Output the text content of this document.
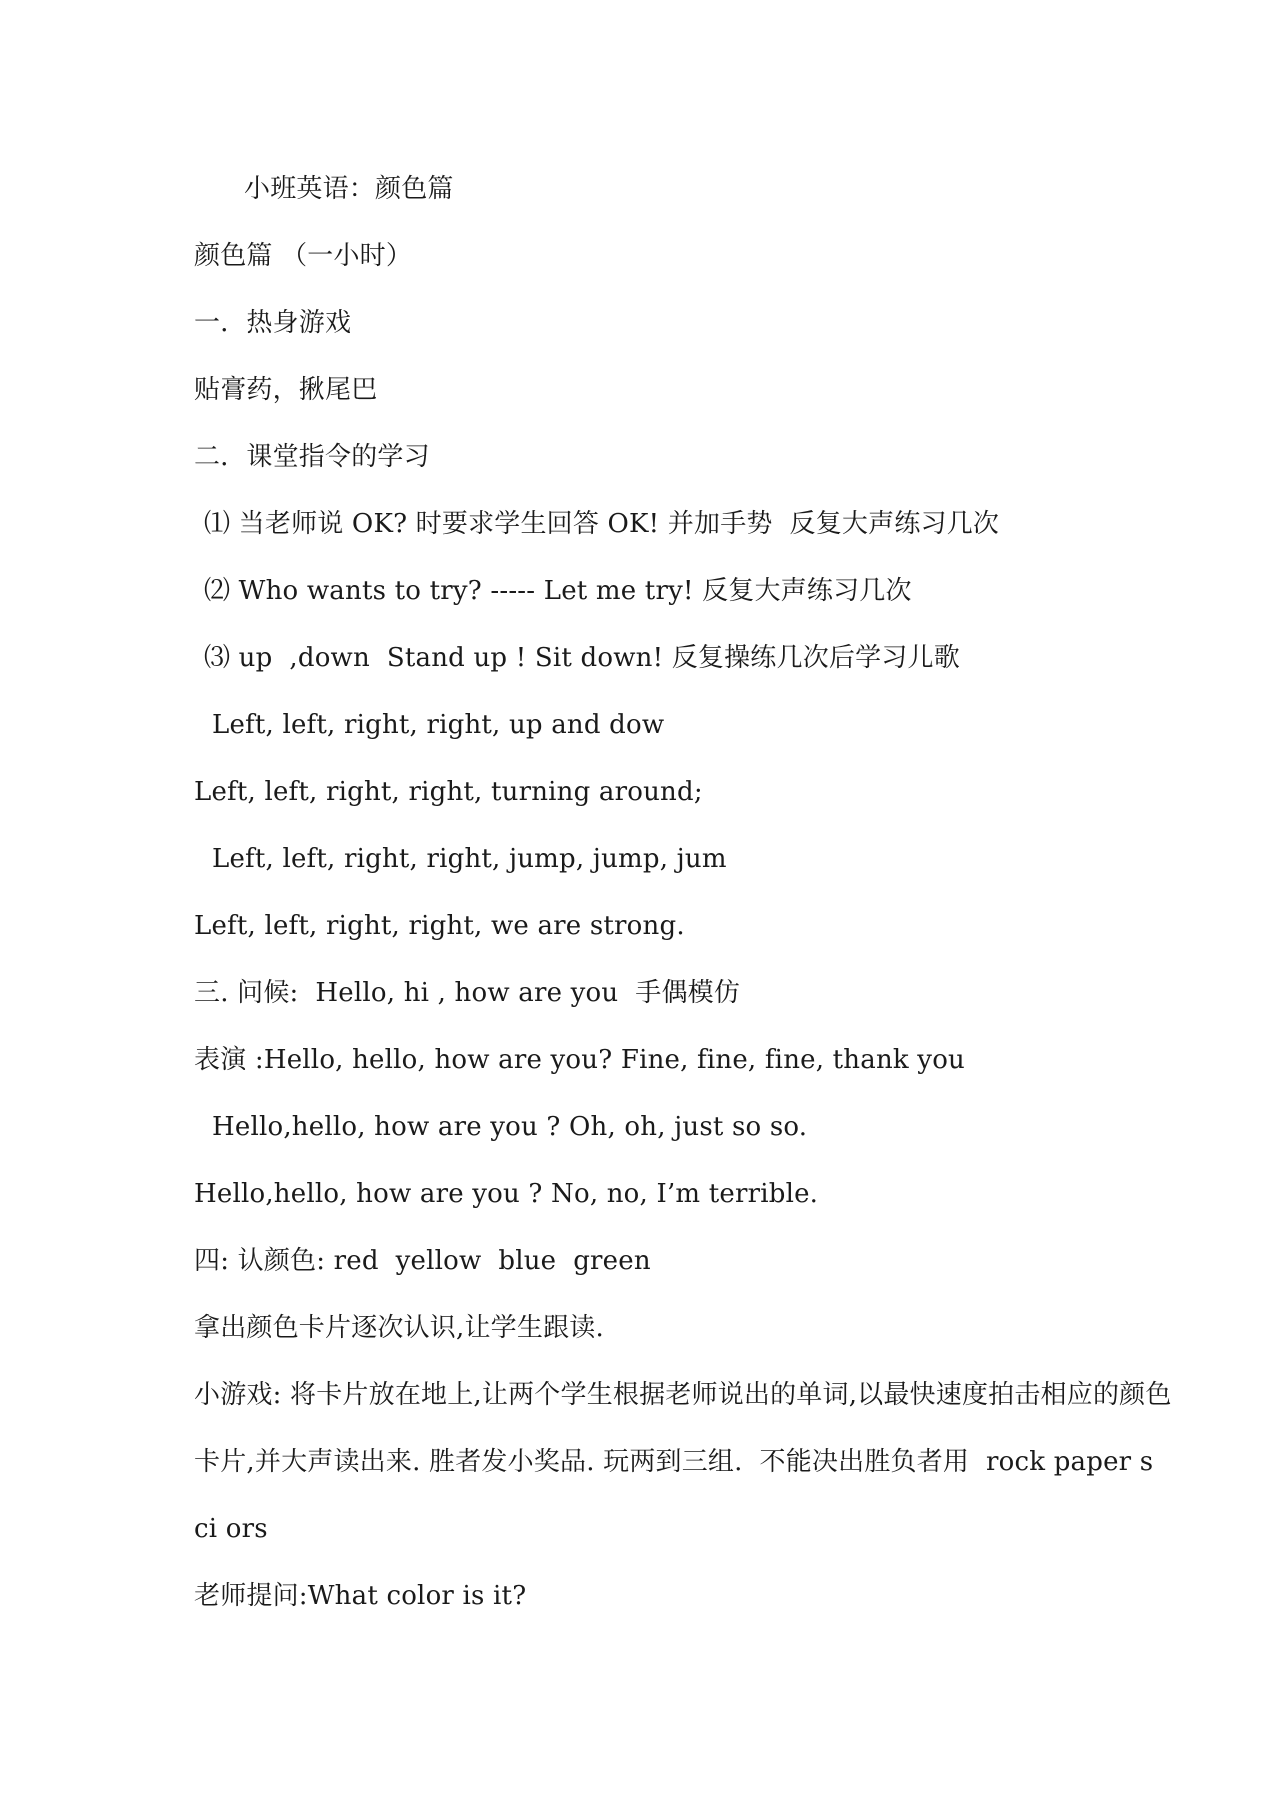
小班英语：颜色篇
颜色篇 （一小时）
一．热身游戏
贴膏药，揪尾巴
二．课堂指令的学习
⑴ 当老师说 OK? 时要求学生回答 OK! 并加手势  反复大声练习几次
⑵ Who wants to try? ----- Let me try! 反复大声练习几次
⑶ up  ,down  Stand up ! Sit down! 反复操练几次后学习儿歌
Left, left, right, right, up and dow
Left, left, right, right, turning around;
Left, left, right, right, jump, jump, jum
Left, left, right, right, we are strong.
三. 问候:  Hello, hi , how are you  手偶模仿
表演 :Hello, hello, how are you? Fine, fine, fine, thank you
Hello,hello, how are you ? Oh, oh, just so so.
Hello,hello, how are you ? No, no, I’m terrible.
四: 认颜色: red  yellow  blue  green
拿出颜色卡片逐次认识,让学生跟读.
小游戏: 将卡片放在地上,让两个学生根据老师说出的单词,以最快速度拍击相应的颜色
卡片,并大声读出来. 胜者发小奖品. 玩两到三组.  不能决出胜负者用  rock paper s
ci ors
老师提问:What color is it?
